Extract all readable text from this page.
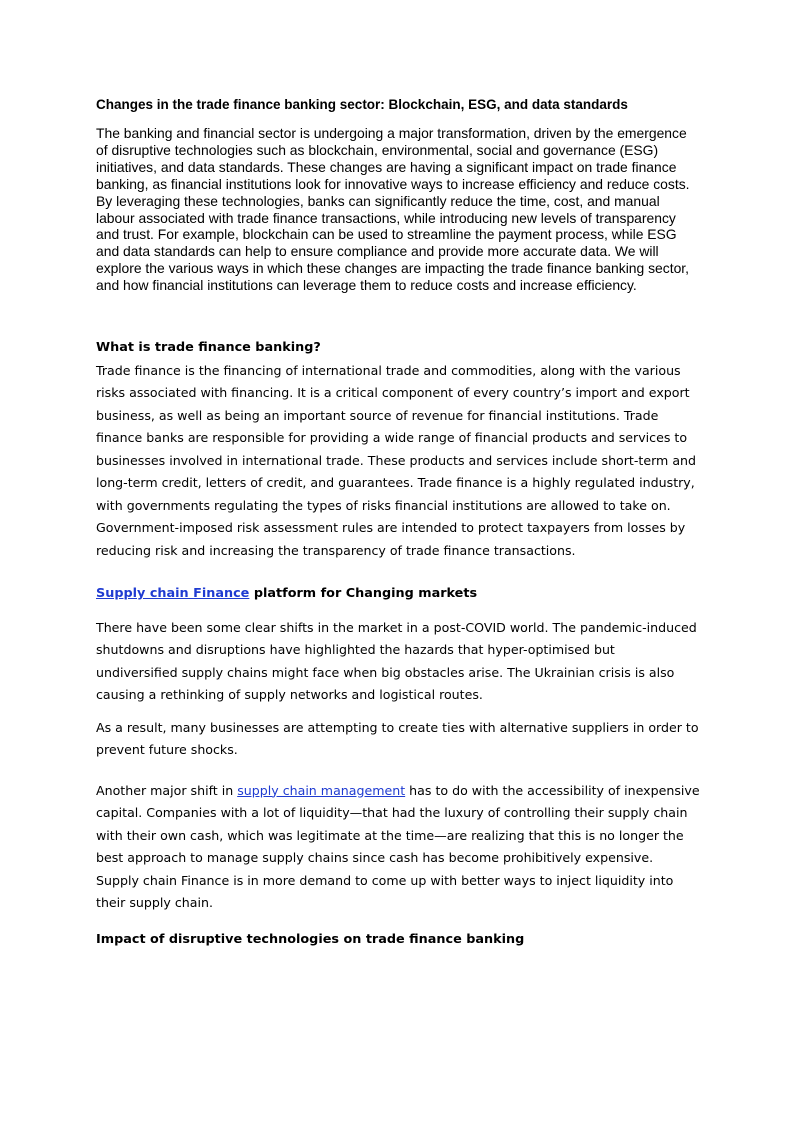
Changes in the trade finance banking sector: Blockchain, ESG, and data standards

The banking and financial sector is undergoing a major transformation, driven by the emergence of disruptive technologies such as blockchain, environmental, social and governance (ESG) initiatives, and data standards. These changes are having a significant impact on trade finance banking, as financial institutions look for innovative ways to increase efficiency and reduce costs. By leveraging these technologies, banks can significantly reduce the time, cost, and manual labour associated with trade finance transactions, while introducing new levels of transparency and trust. For example, blockchain can be used to streamline the payment process, while ESG and data standards can help to ensure compliance and provide more accurate data. We will explore the various ways in which these changes are impacting the trade finance banking sector, and how financial institutions can leverage them to reduce costs and increase efficiency.

What is trade finance banking?

Trade finance is the financing of international trade and commodities, along with the various risks associated with financing. It is a critical component of every country’s import and export business, as well as being an important source of revenue for financial institutions. Trade finance banks are responsible for providing a wide range of financial products and services to businesses involved in international trade. These products and services include short-term and long-term credit, letters of credit, and guarantees. Trade finance is a highly regulated industry, with governments regulating the types of risks financial institutions are allowed to take on. Government-imposed risk assessment rules are intended to protect taxpayers from losses by reducing risk and increasing the transparency of trade finance transactions.

Supply chain Finance platform for Changing markets

There have been some clear shifts in the market in a post-COVID world. The pandemic-induced shutdowns and disruptions have highlighted the hazards that hyper-optimised but undiversified supply chains might face when big obstacles arise. The Ukrainian crisis is also causing a rethinking of supply networks and logistical routes.

As a result, many businesses are attempting to create ties with alternative suppliers in order to prevent future shocks.

Another major shift in supply chain management has to do with the accessibility of inexpensive capital. Companies with a lot of liquidity—that had the luxury of controlling their supply chain with their own cash, which was legitimate at the time—are realizing that this is no longer the best approach to manage supply chains since cash has become prohibitively expensive. Supply chain Finance is in more demand to come up with better ways to inject liquidity into their supply chain.

Impact of disruptive technologies on trade finance banking
